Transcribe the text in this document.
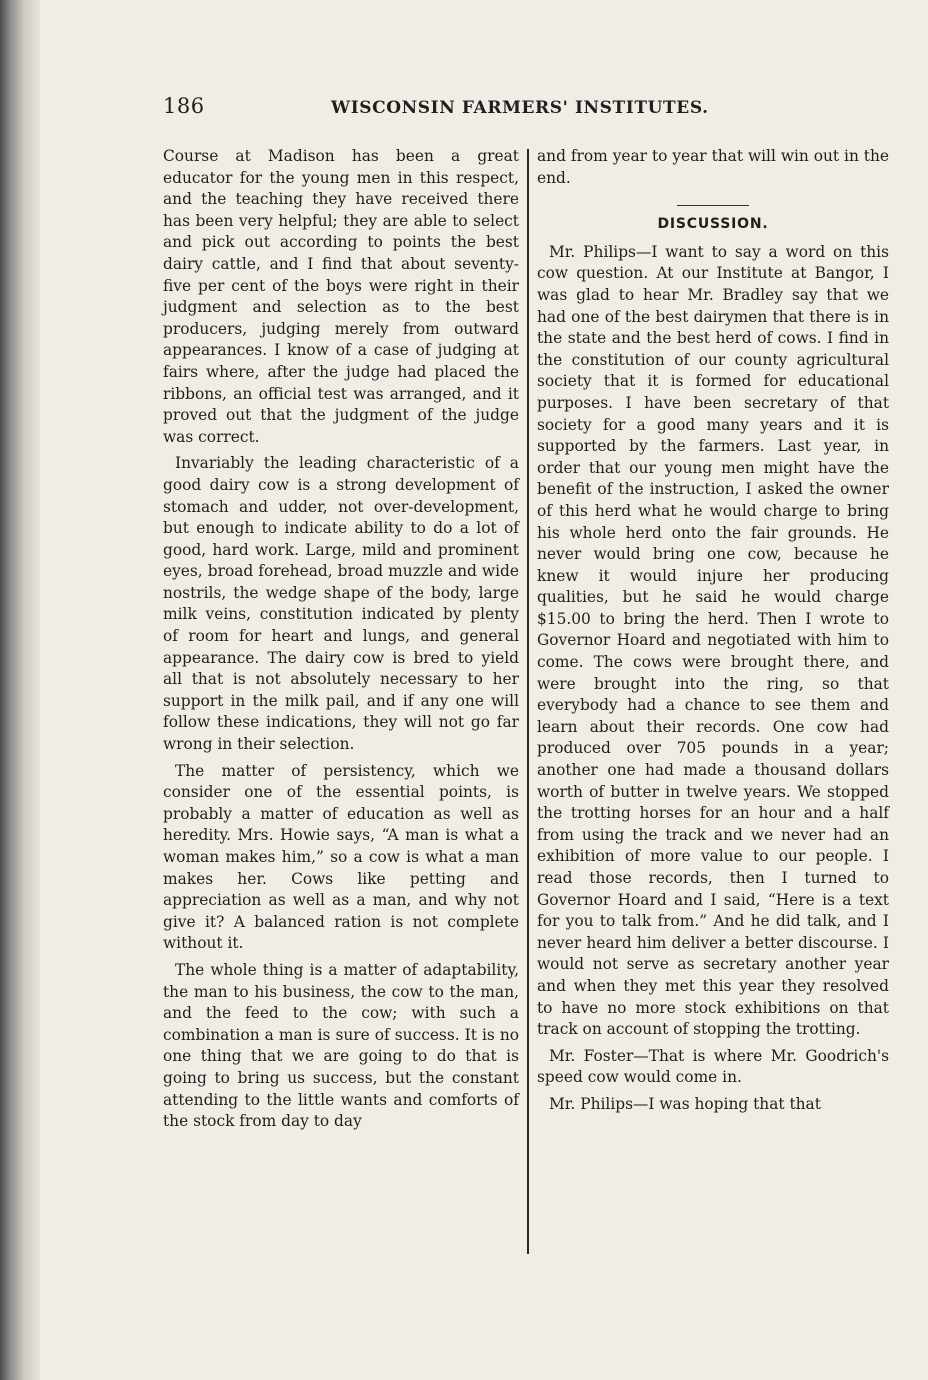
186	WISCONSIN FARMERS' INSTITUTES.

Course at Madison has been a great educator for the young men in this respect, and the teaching they have received there has been very helpful; they are able to select and pick out according to points the best dairy cattle, and I find that about seventy-five per cent of the boys were right in their judgment and selection as to the best producers, judging merely from outward appearances. I know of a case of judging at fairs where, after the judge had placed the ribbons, an official test was arranged, and it proved out that the judgment of the judge was correct.

Invariably the leading characteristic of a good dairy cow is a strong development of stomach and udder, not over-development, but enough to indicate ability to do a lot of good, hard work. Large, mild and prominent eyes, broad forehead, broad muzzle and wide nostrils, the wedge shape of the body, large milk veins, constitution indicated by plenty of room for heart and lungs, and general appearance. The dairy cow is bred to yield all that is not absolutely necessary to her support in the milk pail, and if any one will follow these indications, they will not go far wrong in their selection.

The matter of persistency, which we consider one of the essential points, is probably a matter of education as well as heredity. Mrs. Howie says, “A man is what a woman makes him,” so a cow is what a man makes her. Cows like petting and appreciation as well as a man, and why not give it? A balanced ration is not complete without it.

The whole thing is a matter of adaptability, the man to his business, the cow to the man, and the feed to the cow; with such a combination a man is sure of success. It is no one thing that we are going to do that is going to bring us success, but the constant attending to the little wants and comforts of the stock from day to day

and from year to year that will win out in the end.

DISCUSSION.

Mr. Philips—I want to say a word on this cow question. At our Institute at Bangor, I was glad to hear Mr. Bradley say that we had one of the best dairymen that there is in the state and the best herd of cows. I find in the constitution of our county agricultural society that it is formed for educational purposes. I have been secretary of that society for a good many years and it is supported by the farmers. Last year, in order that our young men might have the benefit of the instruction, I asked the owner of this herd what he would charge to bring his whole herd onto the fair grounds. He never would bring one cow, because he knew it would injure her producing qualities, but he said he would charge $15.00 to bring the herd. Then I wrote to Governor Hoard and negotiated with him to come. The cows were brought there, and were brought into the ring, so that everybody had a chance to see them and learn about their records. One cow had produced over 705 pounds in a year; another one had made a thousand dollars worth of butter in twelve years. We stopped the trotting horses for an hour and a half from using the track and we never had an exhibition of more value to our people. I read those records, then I turned to Governor Hoard and I said, “Here is a text for you to talk from.” And he did talk, and I never heard him deliver a better discourse. I would not serve as secretary another year and when they met this year they resolved to have no more stock exhibitions on that track on account of stopping the trotting.

Mr. Foster—That is where Mr. Goodrich's speed cow would come in.

Mr. Philips—I was hoping that that
